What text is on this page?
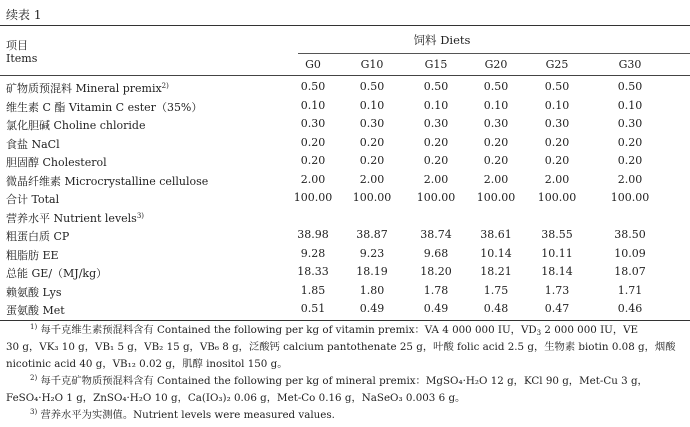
续表 1
项目
Items
饲料 Diets
G0	G10	G15	G20	G25	G30
矿物质预混料 Mineral premix$^{2)}$	0.50	0.50	0.50	0.50	0.50	0.50
维生素 C 酯 Vitamin C ester（35%）	0.10	0.10	0.10	0.10	0.10	0.10
氯化胆碱 Choline chloride	0.30	0.30	0.30	0.30	0.30	0.30
食盐 NaCl	0.20	0.20	0.20	0.20	0.20	0.20
胆固醇 Cholesterol	0.20	0.20	0.20	0.20	0.20	0.20
微晶纤维素 Microcrystalline cellulose	2.00	2.00	2.00	2.00	2.00	2.00
合计 Total	100.00	100.00	100.00	100.00	100.00	100.00
营养水平 Nutrient levels$^{3)}$
粗蛋白质 CP	38.98	38.87	38.74	38.61	38.55	38.50
粗脂肪 EE	9.28	9.23	9.68	10.14	10.11	10.09
总能 GE/（MJ/kg）	18.33	18.19	18.20	18.21	18.14	18.07
赖氨酸 Lys	1.85	1.80	1.78	1.75	1.73	1.71
蛋氨酸 Met	0.51	0.49	0.49	0.48	0.47	0.46

$^{1)}$ 每千克维生素预混料含有 Contained the following per kg of vitamin premix：VA 4 000 000 IU，$VD_3$ 2 000 000 IU，VE

30 g，VK₃ 10 g，VB₁ 5 g，VB₂ 15 g，VB₆ 8 g，泛酸钙 calcium pantothenate 25 g，叶酸 folic acid 2.5 g，生物素 biotin 0.08 g，烟酸

nicotinic acid 40 g，VB₁₂ 0.02 g，肌醇 inositol 150 g。

$^{2)}$ 每千克矿物质预混料含有 Contained the following per kg of mineral premix：MgSO₄·H₂O 12 g，KCl 90 g，Met-Cu 3 g，

FeSO₄·H₂O 1 g，ZnSO₄·H₂O 10 g，Ca(IO₃)₂ 0.06 g，Met-Co 0.16 g，NaSeO₃ 0.003 6 g。

$^{3)}$ 营养水平为实测值。Nutrient levels were measured values.
